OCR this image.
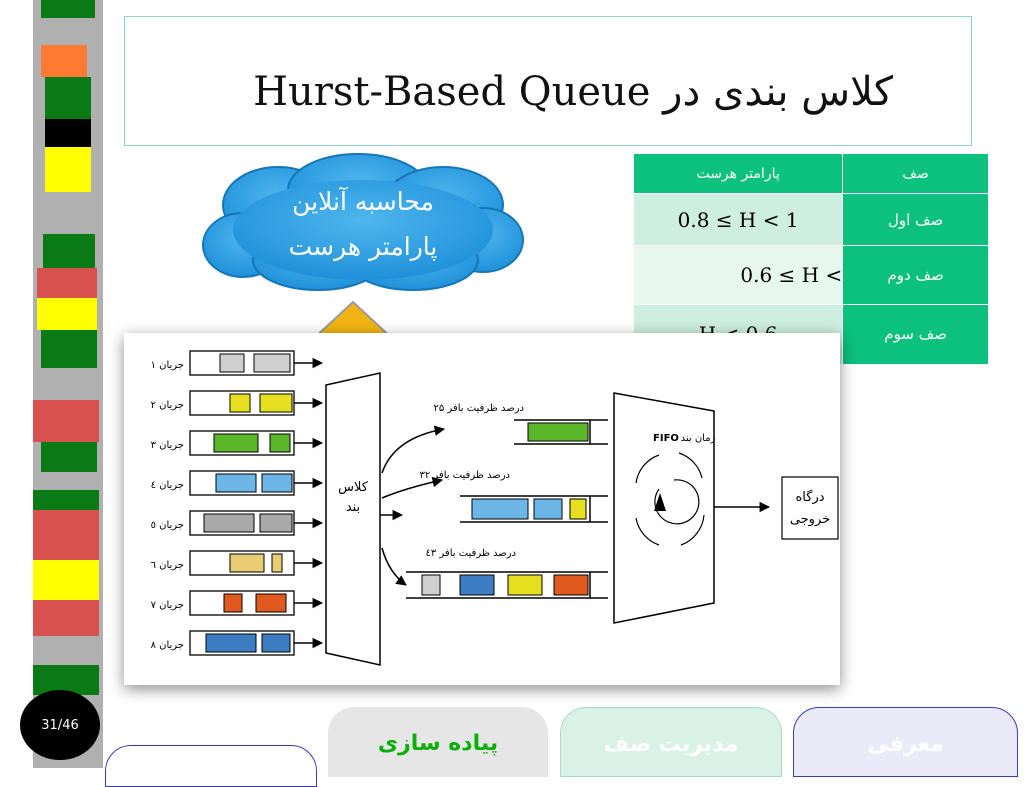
کلاس بندی در Hurst-Based Queue
محاسبه آنلاین
پارامتر هرست
پارامتر هرست	صف
0.8 ≤ H < 1	صف اول
0.6 ≤ H <	صف دوم
	صف سوم
جریان ۱
جریان ۲
جریان ۳
جریان ٤
جریان ٥
جریان ٦
جریان ۷
جریان ۸
کلاس
بند
۲۵ درصد ظرفیت بافر
۳۲ درصد ظرفیت بافر
٤۳ درصد ظرفیت بافر
FIFO زمان بند
درگاه
خروجی
31/46
پیاده سازی	مدیریت صف	معرفی
